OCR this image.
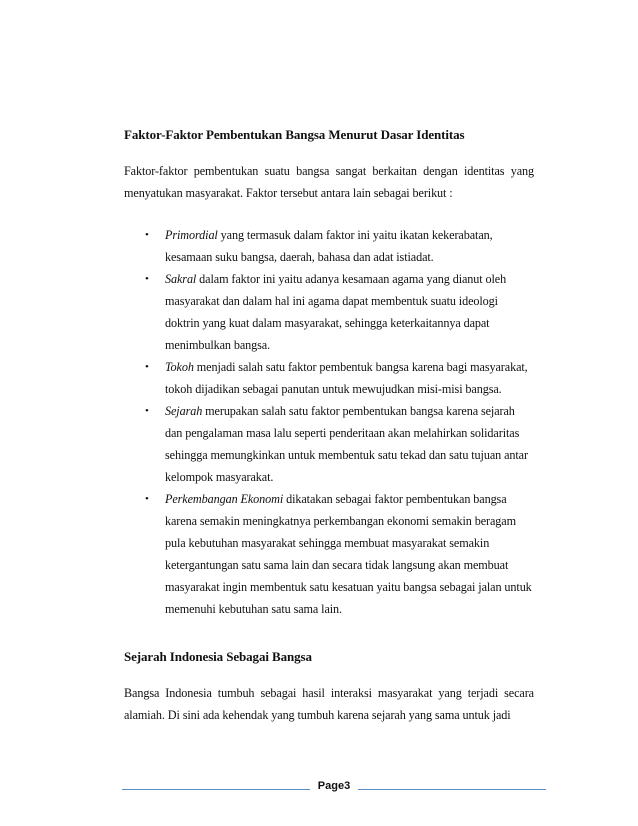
Faktor-Faktor Pembentukan Bangsa Menurut Dasar Identitas
Faktor-faktor pembentukan suatu bangsa sangat berkaitan dengan identitas yang menyatukan masyarakat. Faktor tersebut antara lain sebagai berikut :
• Primordial yang termasuk dalam faktor ini yaitu ikatan kekerabatan, kesamaan suku bangsa, daerah, bahasa dan adat istiadat.
• Sakral dalam faktor ini yaitu adanya kesamaan agama yang dianut oleh masyarakat dan dalam hal ini agama dapat membentuk suatu ideologi doktrin yang kuat dalam masyarakat, sehingga keterkaitannya dapat menimbulkan bangsa.
• Tokoh menjadi salah satu faktor pembentuk bangsa karena bagi masyarakat, tokoh dijadikan sebagai panutan untuk mewujudkan misi-misi bangsa.
• Sejarah merupakan salah satu faktor pembentukan bangsa karena sejarah dan pengalaman masa lalu seperti penderitaan akan melahirkan solidaritas sehingga memungkinkan untuk membentuk satu tekad dan satu tujuan antar kelompok masyarakat.
• Perkembangan Ekonomi dikatakan sebagai faktor pembentukan bangsa karena semakin meningkatnya perkembangan ekonomi semakin beragam pula kebutuhan masyarakat sehingga membuat masyarakat semakin ketergantungan satu sama lain dan secara tidak langsung akan membuat masyarakat ingin membentuk satu kesatuan yaitu bangsa sebagai jalan untuk memenuhi kebutuhan satu sama lain.
Sejarah Indonesia Sebagai Bangsa
Bangsa Indonesia tumbuh sebagai hasil interaksi masyarakat yang terjadi secara alamiah. Di sini ada kehendak yang tumbuh karena sejarah yang sama untuk jadi
Page3
